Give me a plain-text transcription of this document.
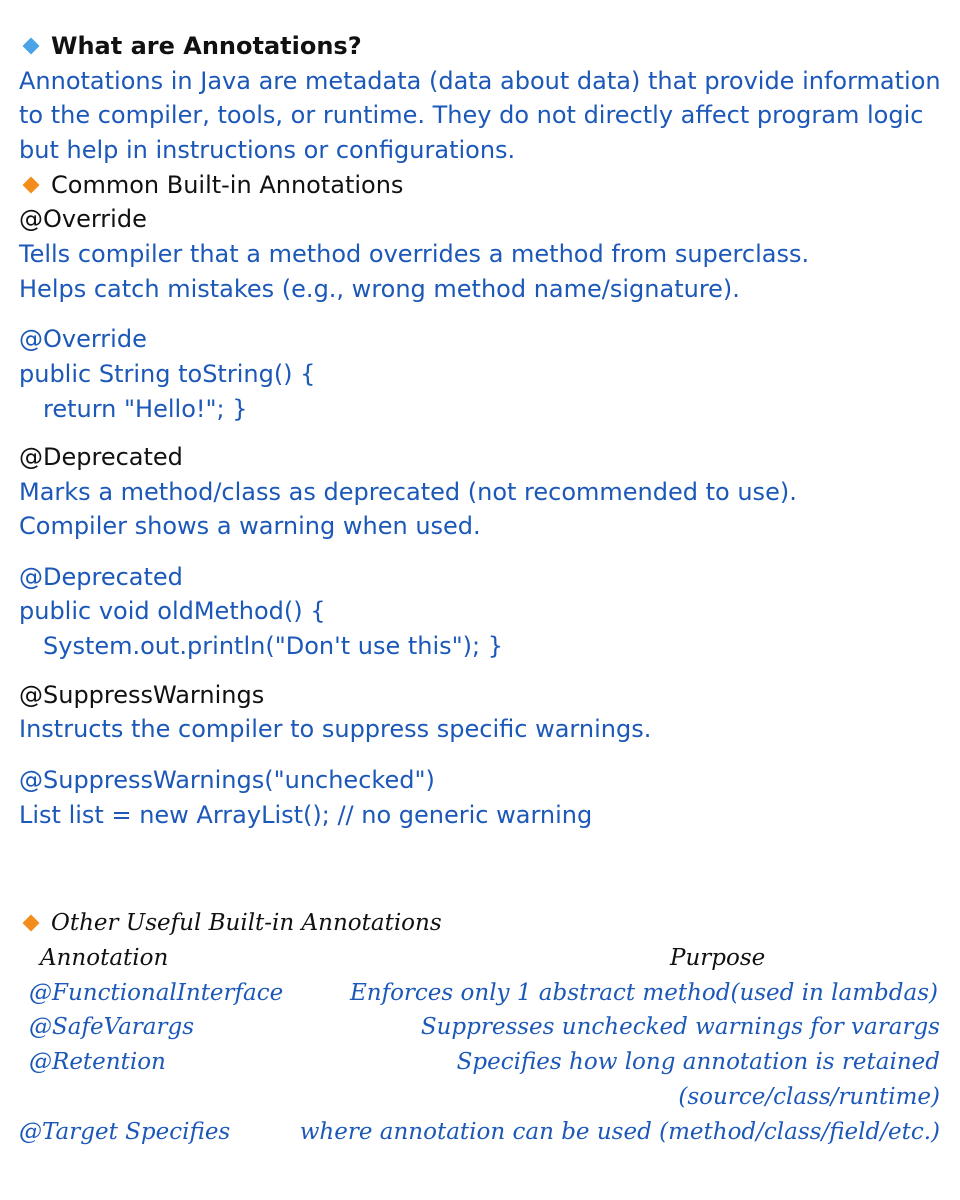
What are Annotations?
Annotations in Java are metadata (data about data) that provide information
to the compiler, tools, or runtime. They do not directly affect program logic
but help in instructions or configurations.
Common Built-in Annotations
@Override
Tells compiler that a method overrides a method from superclass.
Helps catch mistakes (e.g., wrong method name/signature).
@Override
public String toString() {
return "Hello!"; }
@Deprecated
Marks a method/class as deprecated (not recommended to use).
Compiler shows a warning when used.
@Deprecated
public void oldMethod() {
System.out.println("Don't use this"); }
@SuppressWarnings
Instructs the compiler to suppress specific warnings.
@SuppressWarnings("unchecked")
List list = new ArrayList(); // no generic warning
Other Useful Built-in Annotations
Annotation	Purpose
@FunctionalInterface	Enforces only 1 abstract method(used in lambdas)
@SafeVarargs	Suppresses unchecked warnings for varargs
@Retention	Specifies how long annotation is retained
(source/class/runtime)
@Target Specifies	where annotation can be used (method/class/field/etc.)
